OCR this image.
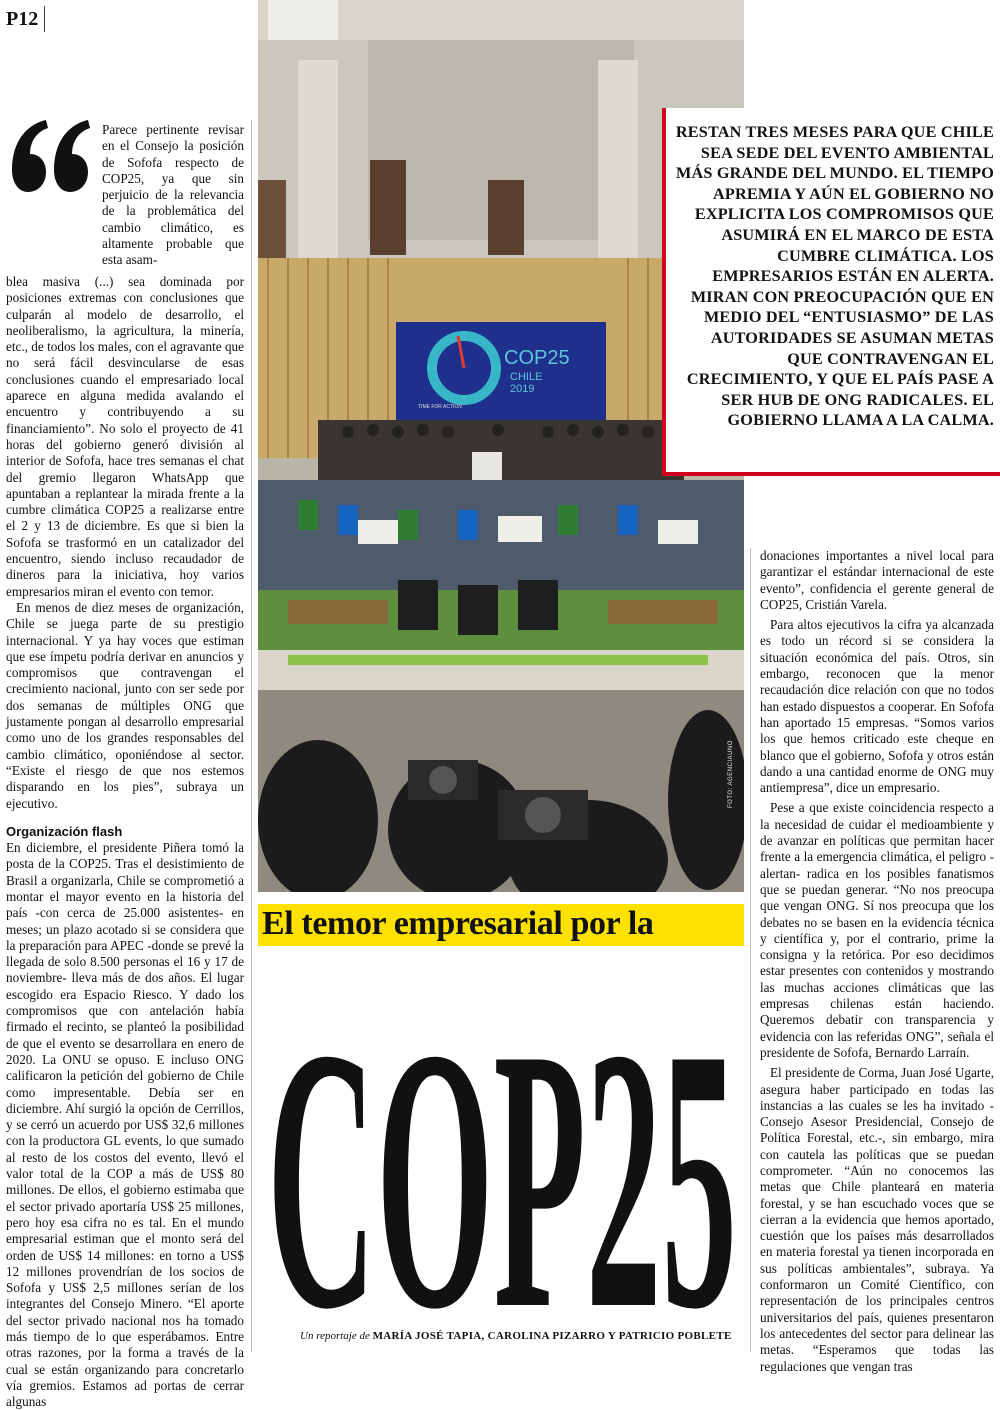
P12
COP25
CHILE
2019
TIME FOR ACTION
FOTO: AGENCIAUNO
RESTAN TRES MESES PARA QUE CHILE SEA SEDE DEL EVENTO AMBIENTAL MÁS GRANDE DEL MUNDO. EL TIEMPO APREMIA Y AÚN EL GOBIERNO NO EXPLICITA LOS COMPROMISOS QUE ASUMIRÁ EN EL MARCO DE ESTA CUMBRE CLIMÁTICA. LOS EMPRESARIOS ESTÁN EN ALERTA. MIRAN CON PREOCUPACIÓN QUE EN MEDIO DEL “ENTUSIASMO” DE LAS AUTORIDADES SE ASUMAN METAS QUE CONTRAVENGAN EL CRECIMIENTO, Y QUE EL PAÍS PASE A SER HUB DE ONG RADICALES. EL GOBIERNO LLAMA A LA CALMA.
El temor empresarial por la
COP25
Un reportaje de MARÍA JOSÉ TAPIA, CAROLINA PIZARRO Y PATRICIO POBLETE
Parece pertinente revisar en el Consejo la posición de Sofofa respecto de COP25, ya que sin perjuicio de la relevancia de la problemática del cambio climático, es altamente probable que esta asam-

blea masiva (...) sea dominada por posiciones extremas con conclusiones que culparán al modelo de desarrollo, el neoliberalismo, la agricultura, la minería, etc., de todos los males, con el agravante que no será fácil desvincularse de esas conclusiones cuando el empresariado local aparece en alguna medida avalando el encuentro y contribuyendo a su financiamiento”. No solo el proyecto de 41 horas del gobierno generó división al interior de Sofofa, hace tres semanas el chat del gremio llegaron WhatsApp que apuntaban a replantear la mirada frente a la cumbre climática COP25 a realizarse entre el 2 y 13 de diciembre. Es que si bien la Sofofa se trasformó en un catalizador del encuentro, siendo incluso recaudador de dineros para la iniciativa, hoy varios empresarios miran el evento con temor.

En menos de diez meses de organización, Chile se juega parte de su prestigio internacional. Y ya hay voces que estiman que ese ímpetu podría derivar en anuncios y compromisos que contravengan el crecimiento nacional, junto con ser sede por dos semanas de múltiples ONG que justamente pongan al desarrollo empresarial como uno de los grandes responsables del cambio climático, oponiéndose al sector. “Existe el riesgo de que nos estemos disparando en los pies”, subraya un ejecutivo.

Organización flash

En diciembre, el presidente Piñera tomó la posta de la COP25. Tras el desistimiento de Brasil a organizarla, Chile se comprometió a montar el mayor evento en la historia del país -con cerca de 25.000 asistentes- en meses; un plazo acotado si se considera que la preparación para APEC -donde se prevé la llegada de solo 8.500 personas el 16 y 17 de noviembre- lleva más de dos años. El lugar escogido era Espacio Riesco. Y dado los compromisos que con antelación había firmado el recinto, se planteó la posibilidad de que el evento se desarrollara en enero de 2020. La ONU se opuso. E incluso ONG calificaron la petición del gobierno de Chile como impresentable. Debía ser en diciembre. Ahí surgió la opción de Cerrillos, y se cerró un acuerdo por US$ 32,6 millones con la productora GL events, lo que sumado al resto de los costos del evento, llevó el valor total de la COP a más de US$ 80 millones. De ellos, el gobierno estimaba que el sector privado aportaría US$ 25 millones, pero hoy esa cifra no es tal. En el mundo empresarial estiman que el monto será del orden de US$ 14 millones: en torno a US$ 12 millones provendrían de los socios de Sofofa y US$ 2,5 millones serían de los integrantes del Consejo Minero. “El aporte del sector privado nacional nos ha tomado más tiempo de lo que esperábamos. Entre otras razones, por la forma a través de la cual se están organizando para concretarlo vía gremios. Estamos ad portas de cerrar algunas

donaciones importantes a nivel local para garantizar el estándar internacional de este evento”, confidencia el gerente general de COP25, Cristián Varela.

Para altos ejecutivos la cifra ya alcanzada es todo un récord si se considera la situación económica del país. Otros, sin embargo, reconocen que la menor recaudación dice relación con que no todos han estado dispuestos a cooperar. En Sofofa han aportado 15 empresas. “Somos varios los que hemos criticado este cheque en blanco que el gobierno, Sofofa y otros están dando a una cantidad enorme de ONG muy antiempresa”, dice un empresario.

Pese a que existe coincidencia respecto a la necesidad de cuidar el medioambiente y de avanzar en políticas que permitan hacer frente a la emergencia climática, el peligro -alertan- radica en los posibles fanatismos que se puedan generar. “No nos preocupa que vengan ONG. Sí nos preocupa que los debates no se basen en la evidencia técnica y científica y, por el contrario, prime la consigna y la retórica. Por eso decidimos estar presentes con contenidos y mostrando las muchas acciones climáticas que las empresas chilenas están haciendo. Queremos debatir con transparencia y evidencia con las referidas ONG”, señala el presidente de Sofofa, Bernardo Larraín.

El presidente de Corma, Juan José Ugarte, asegura haber participado en todas las instancias a las cuales se les ha invitado -Consejo Asesor Presidencial, Consejo de Política Forestal, etc.-, sin embargo, mira con cautela las políticas que se puedan comprometer. “Aún no conocemos las metas que Chile planteará en materia forestal, y se han escuchado voces que se cierran a la evidencia que hemos aportado, cuestión que los países más desarrollados en materia forestal ya tienen incorporada en sus políticas ambientales”, subraya. Ya conformaron un Comité Científico, con representación de los principales centros universitarios del país, quienes presentaron los antecedentes del sector para delinear las metas. “Esperamos que todas las regulaciones que vengan tras
